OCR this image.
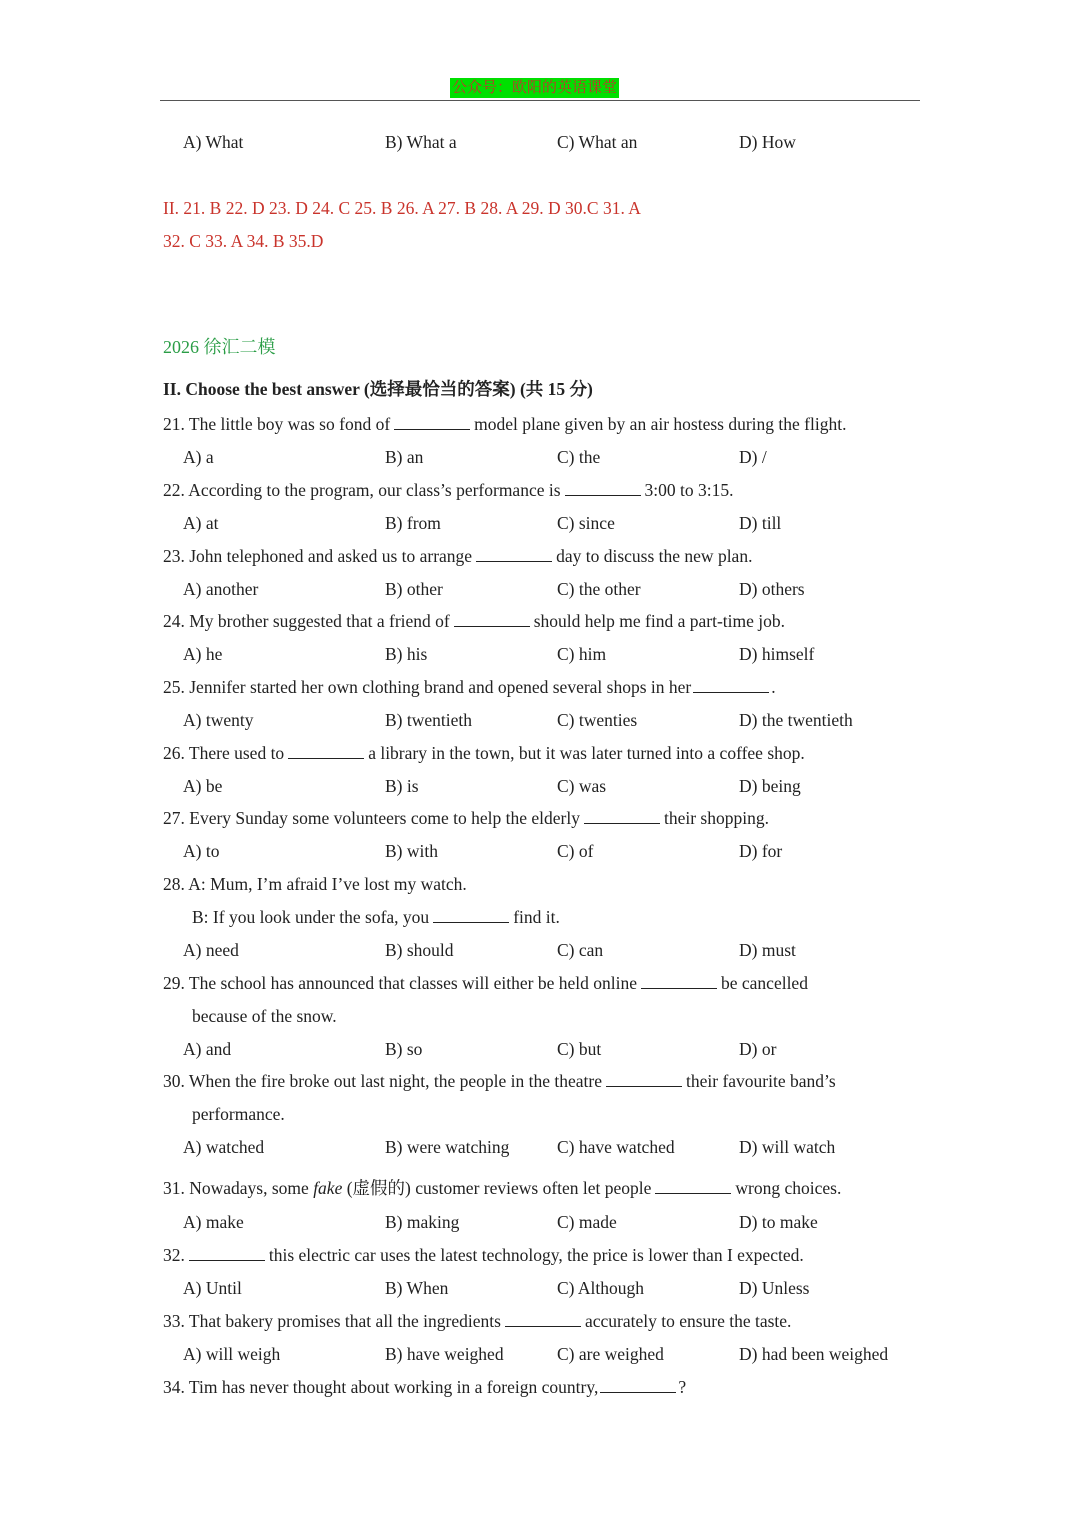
公众号：欧阳的英语课堂
A) What	B) What a	C) What an	D) How
II. 21. B 22. D 23. D 24. C 25. B 26. A 27. B 28. A 29. D 30.C 31. A
32. C 33. A 34. B 35.D
2026 徐汇二模
II. Choose the best answer (选择最恰当的答案) (共 15 分)
21. The little boy was so fond of	model plane given by an air hostess during the flight.
A) a	B) an	C) the	D) /
22. According to the program, our class’s performance is	3:00 to 3:15.
A) at	B) from	C) since	D) till
23. John telephoned and asked us to arrange	day to discuss the new plan.
A) another	B) other	C) the other	D) others
24. My brother suggested that a friend of	should help me find a part-time job.
A) he	B) his	C) him	D) himself
25. Jennifer started her own clothing brand and opened several shops in her	.
A) twenty	B) twentieth	C) twenties	D) the twentieth
26. There used to	a library in the town, but it was later turned into a coffee shop.
A) be	B) is	C) was	D) being
27. Every Sunday some volunteers come to help the elderly	their shopping.
A) to	B) with	C) of	D) for
28. A: Mum, I’m afraid I’ve lost my watch.
B: If you look under the sofa, you	find it.
A) need	B) should	C) can	D) must
29. The school has announced that classes will either be held online	be cancelled
because of the snow.
A) and	B) so	C) but	D) or
30. When the fire broke out last night, the people in the theatre	their favourite band’s
performance.
A) watched	B) were watching	C) have watched	D) will watch
31. Nowadays, some fake (虚假的) customer reviews often let people	wrong choices.
A) make	B) making	C) made	D) to make
32.	this electric car uses the latest technology, the price is lower than I expected.
A) Until	B) When	C) Although	D) Unless
33. That bakery promises that all the ingredients	accurately to ensure the taste.
A) will weigh	B) have weighed	C) are weighed	D) had been weighed
34. Tim has never thought about working in a foreign country,	?
